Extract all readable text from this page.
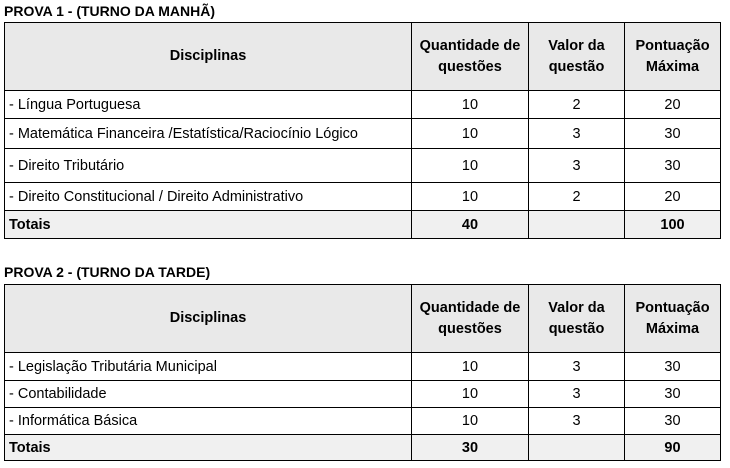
PROVA 1 - (TURNO DA MANHÃ)
Disciplinas	Quantidade de questões	Valor da questão	Pontuação Máxima
- Língua Portuguesa	10	2	20
- Matemática Financeira /Estatística/Raciocínio Lógico	10	3	30
- Direito Tributário	10	3	30
- Direito Constitucional / Direito Administrativo	10	2	20
Totais	40		100
PROVA 2 - (TURNO DA TARDE)
Disciplinas	Quantidade de questões	Valor da questão	Pontuação Máxima
- Legislação Tributária Municipal	10	3	30
- Contabilidade	10	3	30
- Informática Básica	10	3	30
Totais	30		90
